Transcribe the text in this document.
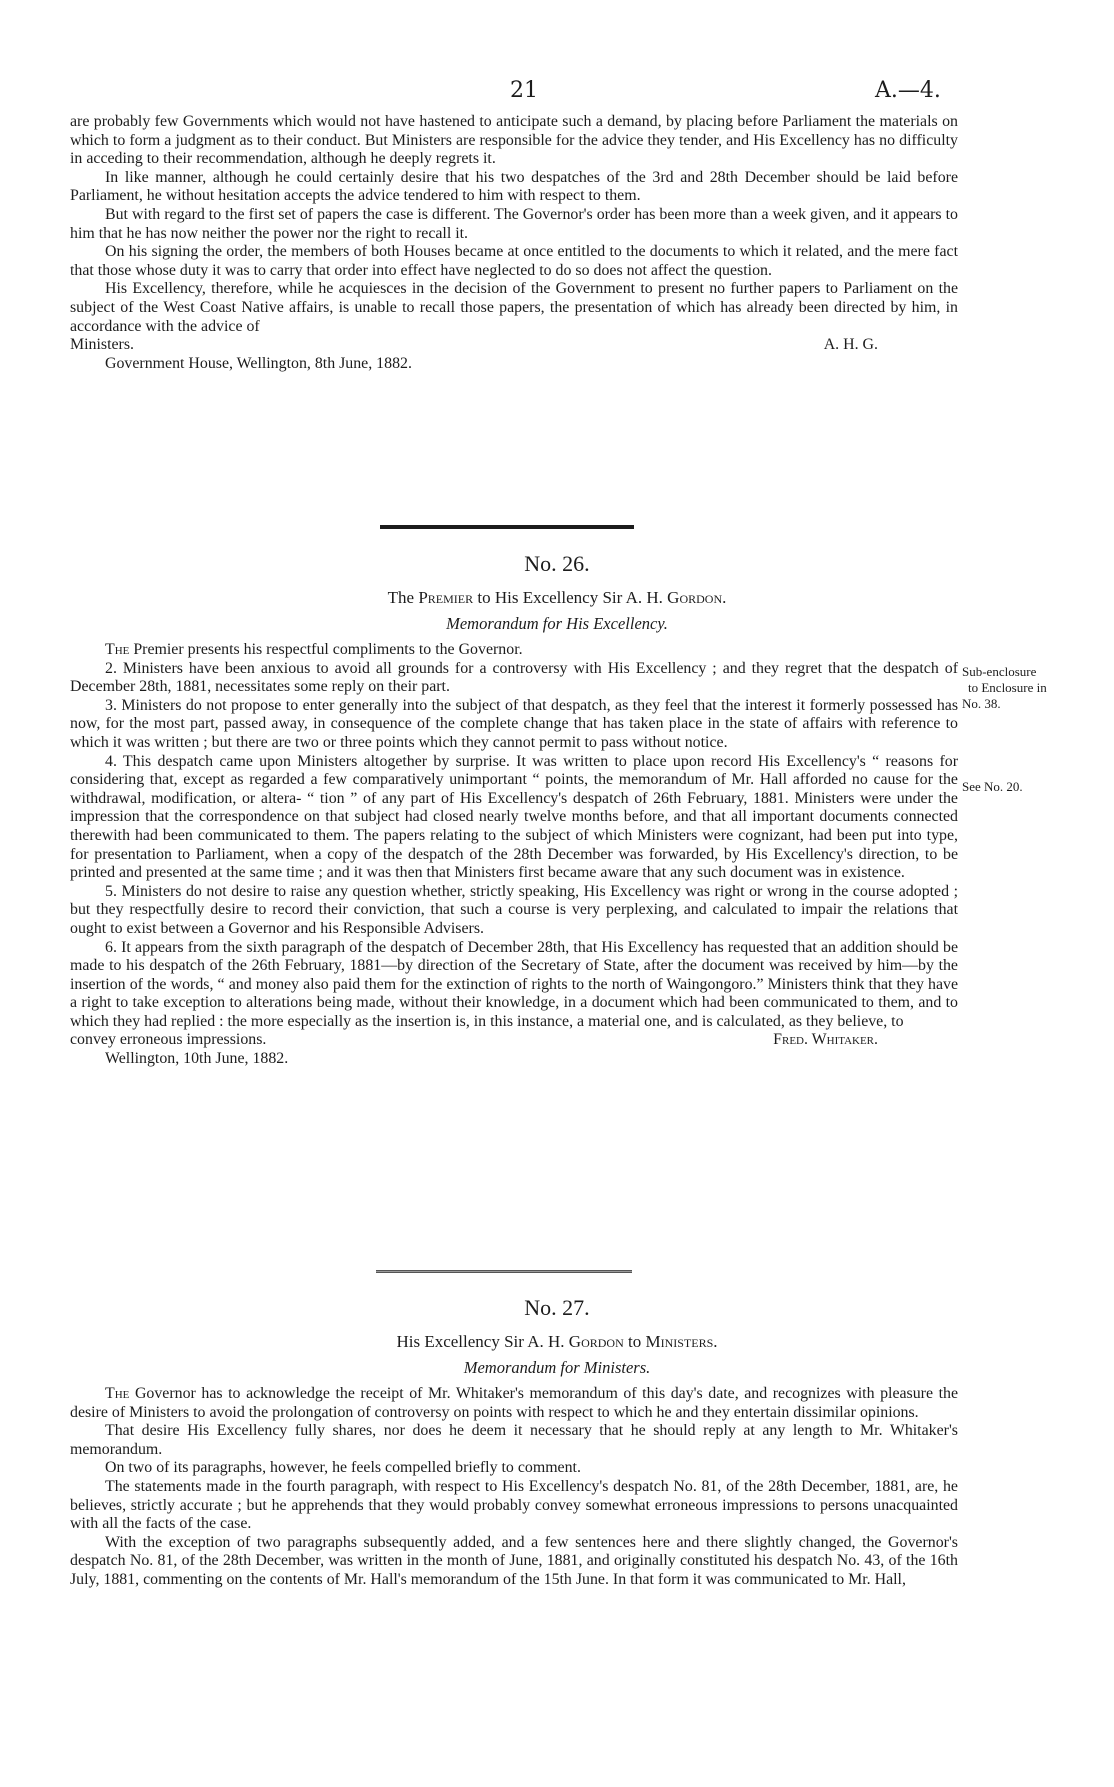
21	A.—4.

are probably few Governments which would not have hastened to anticipate such a demand, by placing before Parliament the materials on which to form a judgment as to their conduct. But Ministers are responsible for the advice they tender, and His Excellency has no difficulty in acceding to their recommendation, although he deeply regrets it.

In like manner, although he could certainly desire that his two despatches of the 3rd and 28th December should be laid before Parliament, he without hesitation accepts the advice tendered to him with respect to them.

But with regard to the first set of papers the case is different. The Governor's order has been more than a week given, and it appears to him that he has now neither the power nor the right to recall it.

On his signing the order, the members of both Houses became at once entitled to the documents to which it related, and the mere fact that those whose duty it was to carry that order into effect have neglected to do so does not affect the question.

His Excellency, therefore, while he acquiesces in the decision of the Government to present no further papers to Parliament on the subject of the West Coast Native affairs, is unable to recall those papers, the presentation of which has already been directed by him, in accordance with the advice of

Ministers.	A. H. G.

Government House, Wellington, 8th June, 1882.

No. 26.
The Premier to His Excellency Sir A. H. Gordon.
Memorandum for His Excellency.

The Premier presents his respectful compliments to the Governor.

2. Ministers have been anxious to avoid all grounds for a controversy with His Excellency ; and they regret that the despatch of December 28th, 1881, necessitates some reply on their part.

3. Ministers do not propose to enter generally into the subject of that despatch, as they feel that the interest it formerly possessed has now, for the most part, passed away, in consequence of the complete change that has taken place in the state of affairs with reference to which it was written ; but there are two or three points which they cannot permit to pass without notice.

4. This despatch came upon Ministers altogether by surprise. It was written to place upon record His Excellency's “ reasons for considering that, except as regarded a few comparatively unimportant “ points, the memorandum of Mr. Hall afforded no cause for the withdrawal, modification, or altera- “ tion ” of any part of His Excellency's despatch of 26th February, 1881. Ministers were under the impression that the correspondence on that subject had closed nearly twelve months before, and that all important documents connected therewith had been communicated to them. The papers relating to the subject of which Ministers were cognizant, had been put into type, for presentation to Parliament, when a copy of the despatch of the 28th December was forwarded, by His Excellency's direction, to be printed and presented at the same time ; and it was then that Ministers first became aware that any such document was in existence.

5. Ministers do not desire to raise any question whether, strictly speaking, His Excellency was right or wrong in the course adopted ; but they respectfully desire to record their conviction, that such a course is very perplexing, and calculated to impair the relations that ought to exist between a Governor and his Responsible Advisers.

6. It appears from the sixth paragraph of the despatch of December 28th, that His Excellency has requested that an addition should be made to his despatch of the 26th February, 1881—by direction of the Secretary of State, after the document was received by him—by the insertion of the words, “ and money also paid them for the extinction of rights to the north of Waingongoro.” Ministers think that they have a right to take exception to alterations being made, without their knowledge, in a document which had been communicated to them, and to which they had replied : the more especially as the insertion is, in this instance, a material one, and is calculated, as they believe, to

convey erroneous impressions.	Fred. Whitaker.

Wellington, 10th June, 1882.

Sub-enclosure
to Enclosure in
No. 38.
See No. 20.
No. 27.
His Excellency Sir A. H. Gordon to Ministers.
Memorandum for Ministers.

The Governor has to acknowledge the receipt of Mr. Whitaker's memorandum of this day's date, and recognizes with pleasure the desire of Ministers to avoid the prolongation of controversy on points with respect to which he and they entertain dissimilar opinions.

That desire His Excellency fully shares, nor does he deem it necessary that he should reply at any length to Mr. Whitaker's memorandum.

On two of its paragraphs, however, he feels compelled briefly to comment.

The statements made in the fourth paragraph, with respect to His Excellency's despatch No. 81, of the 28th December, 1881, are, he believes, strictly accurate ; but he apprehends that they would probably convey somewhat erroneous impressions to persons unacquainted with all the facts of the case.

With the exception of two paragraphs subsequently added, and a few sentences here and there slightly changed, the Governor's despatch No. 81, of the 28th December, was written in the month of June, 1881, and originally constituted his despatch No. 43, of the 16th July, 1881, commenting on the contents of Mr. Hall's memorandum of the 15th June. In that form it was communicated to Mr. Hall,
